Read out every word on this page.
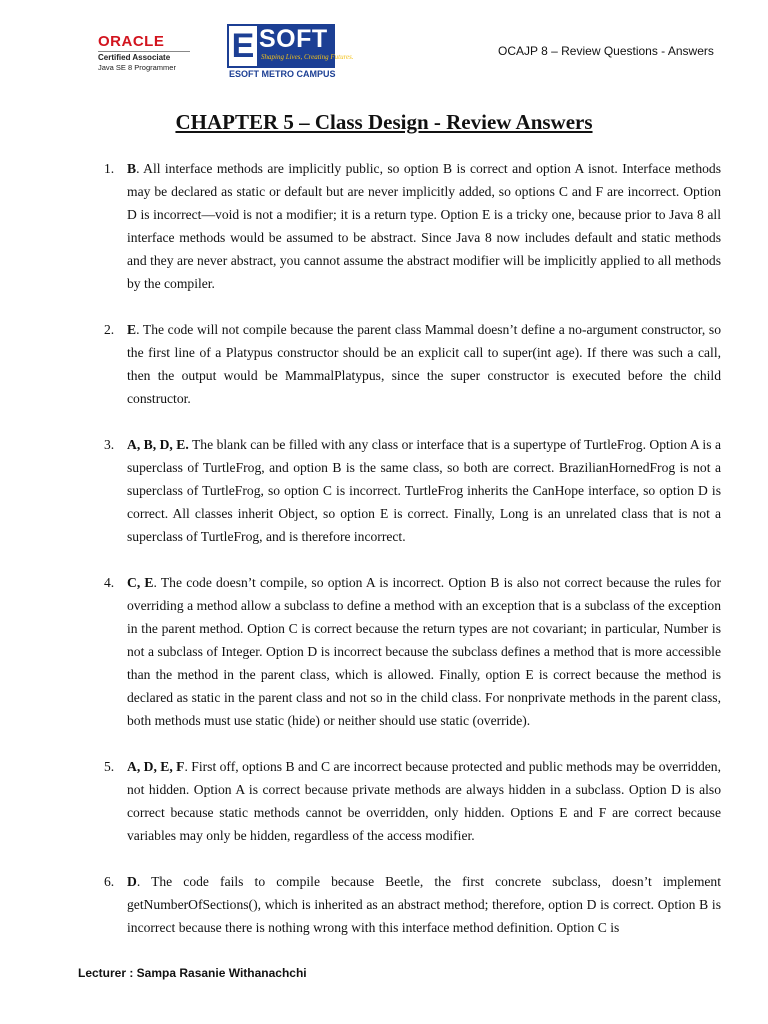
ORACLE
Certified Associate
Java SE 8 Programmer
E SOFT
Shaping Lives, Creating Futures.
ESOFT METRO CAMPUS
OCAJP 8 – Review Questions - Answers
CHAPTER 5 – Class Design - Review Answers
1. B. All interface methods are implicitly public, so option B is correct and option A isnot. Interface methods may be declared as static or default but are never implicitly added, so options C and F are incorrect. Option D is incorrect—void is not a modifier; it is a return type. Option E is a tricky one, because prior to Java 8 all interface methods would be assumed to be abstract. Since Java 8 now includes default and static methods and they are never abstract, you cannot assume the abstract modifier will be implicitly applied to all methods by the compiler.
2. E. The code will not compile because the parent class Mammal doesn’t define a no-argument constructor, so the first line of a Platypus constructor should be an explicit call to super(int age). If there was such a call, then the output would be MammalPlatypus, since the super constructor is executed before the child constructor.
3. A, B, D, E. The blank can be filled with any class or interface that is a supertype of TurtleFrog. Option A is a superclass of TurtleFrog, and option B is the same class, so both are correct. BrazilianHornedFrog is not a superclass of TurtleFrog, so option C is incorrect. TurtleFrog inherits the CanHope interface, so option D is correct. All classes inherit Object, so option E is correct. Finally, Long is an unrelated class that is not a superclass of TurtleFrog, and is therefore incorrect.
4. C, E. The code doesn’t compile, so option A is incorrect. Option B is also not correct because the rules for overriding a method allow a subclass to define a method with an exception that is a subclass of the exception in the parent method. Option C is correct because the return types are not covariant; in particular, Number is not a subclass of Integer. Option D is incorrect because the subclass defines a method that is more accessible than the method in the parent class, which is allowed. Finally, option E is correct because the method is declared as static in the parent class and not so in the child class. For nonprivate methods in the parent class, both methods must use static (hide) or neither should use static (override).
5. A, D, E, F. First off, options B and C are incorrect because protected and public methods may be overridden, not hidden. Option A is correct because private methods are always hidden in a subclass. Option D is also correct because static methods cannot be overridden, only hidden. Options E and F are correct because variables may only be hidden, regardless of the access modifier.
6. D. The code fails to compile because Beetle, the first concrete subclass, doesn’t implement getNumberOfSections(), which is inherited as an abstract method; therefore, option D is correct. Option B is incorrect because there is nothing wrong with this interface method definition. Option C is
Lecturer : Sampa Rasanie Withanachchi
